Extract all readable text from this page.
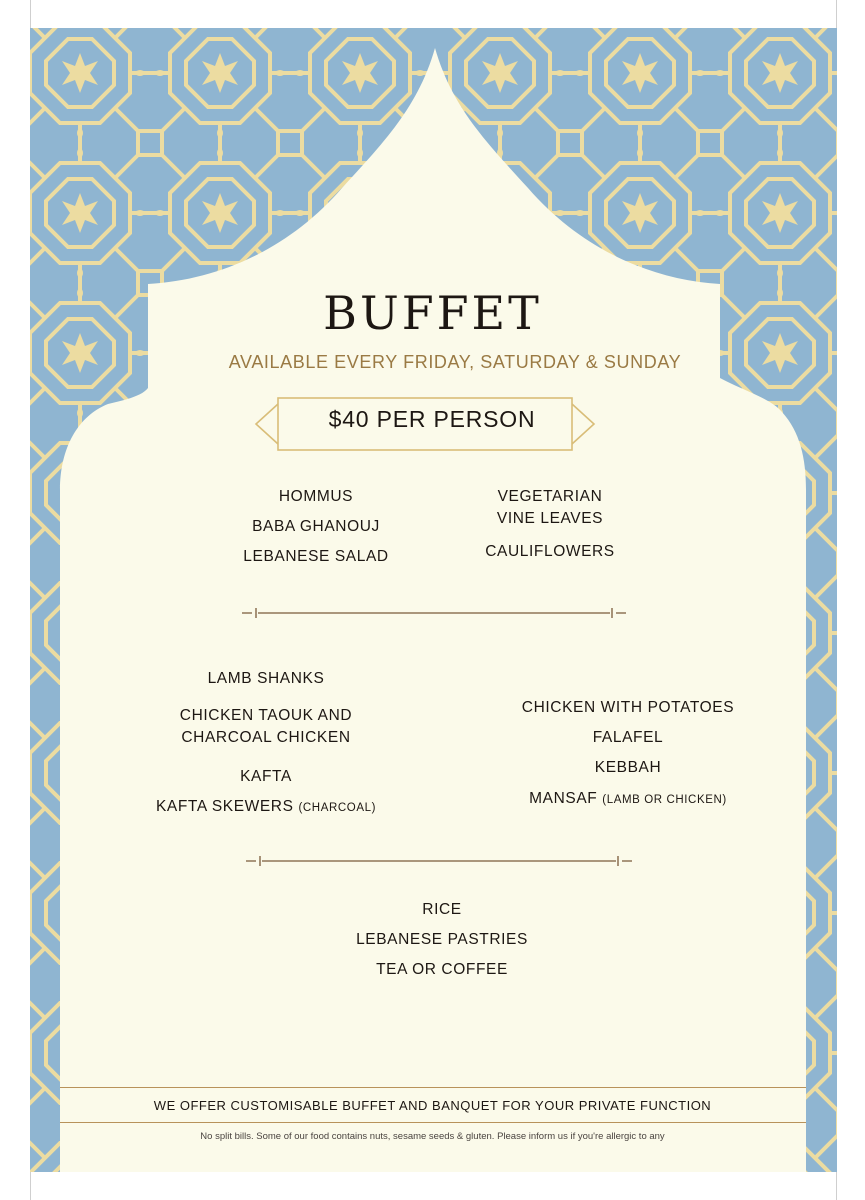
BUFFET
AVAILABLE EVERY FRIDAY, SATURDAY & SUNDAY
$40 PER PERSON
HOMMUS
BABA GHANOUJ
LEBANESE SALAD
VEGETARIAN
VINE LEAVES
CAULIFLOWERS
LAMB SHANKS
CHICKEN TAOUK AND
CHARCOAL CHICKEN
KAFTA
KAFTA SKEWERS (CHARCOAL)
CHICKEN WITH POTATOES
FALAFEL
KEBBAH
MANSAF (LAMB OR CHICKEN)
RICE
LEBANESE PASTRIES
TEA OR COFFEE
WE OFFER CUSTOMISABLE BUFFET AND BANQUET FOR YOUR PRIVATE FUNCTION
No split bills. Some of our food contains nuts, sesame seeds & gluten. Please inform us if you're allergic to any
